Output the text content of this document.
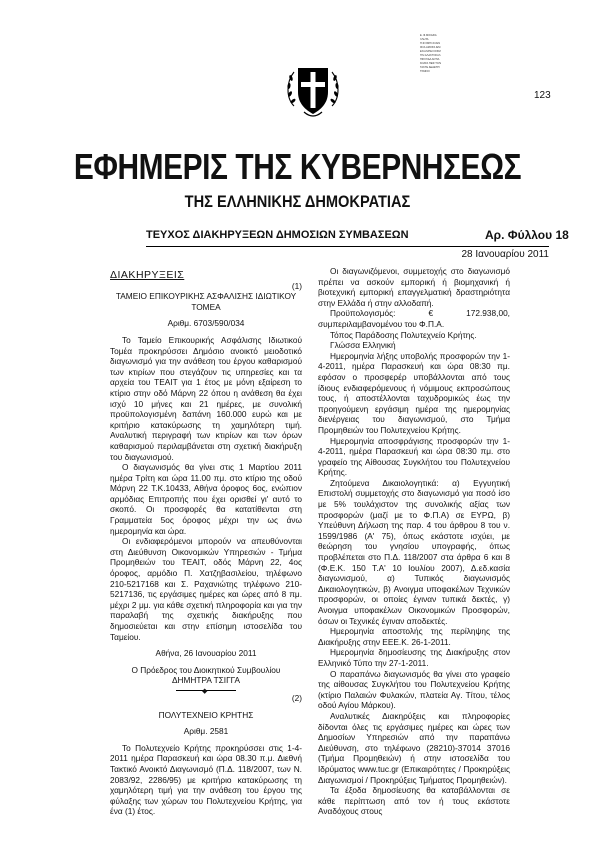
Ε. Φ.ΜΟΙΑΖΙΑ
ΛΛΗΤΑ
Π.Φ ΣΜΠΙ.ΣΛΑΙΝ
ΦΛΑ ΑΜΟΣΣ.ΔΙΜ
ΕΝ ΑΛΙΠΕΙ ΙΟΙΣΜ
ΠΛΙ ΑΛΑΚΤΟΚΑΛ
ΠΦΥΛΙΔΑ ΑΝΤΙΑ
ΚΟΑΤΑ ΠΕΦ ΤΟΛΙ
ΤΑΚΤΕ ΔΕΔΕΤΡΙ
ΤΡΑΦΟΙ
123
ΕΦΗΜΕΡΙΣ ΤΗΣ ΚΥΒΕΡΝΗΣΕΩΣ
ΤΗΣ ΕΛΛΗΝΙΚΗΣ ΔΗΜΟΚΡΑΤΙΑΣ
ΤΕΥΧΟΣ ΔΙΑΚΗΡΥΞΕΩΝ ΔΗΜΟΣΙΩΝ ΣΥΜΒΑΣΕΩΝ	Αρ. Φύλλου 18
28 Ιανουαρίου 2011

ΔΙΑΚΗΡΥΞΕΙΣ

(1)

ΤΑΜΕΙΟ ΕΠΙΚΟΥΡΙΚΗΣ ΑΣΦΑΛΙΣΗΣ ΙΔΙΩΤΙΚΟΥ ΤΟΜΕΑ

Αριθμ. 6703/590/034

Το Ταμείο Επικουρικής Ασφάλισης Ιδιωτικού Τομέα προκηρύσσει Δημόσιο ανοικτό μειοδοτικό διαγωνισμό για την ανάθεση του έργου καθαρισμού των κτιρίων που στεγάζουν τις υπηρεσίες και τα αρχεία του ΤΕΑΙΤ για 1 έτος με μόνη εξαίρεση το κτίριο στην οδό Μάρνη 22 όπου η ανάθεση θα έχει ισχύ 10 μήνες και 21 ημέρες, με συνολική προϋπολογισμένη δαπάνη 160.000 ευρώ και με κριτήριο κατακύρωσης τη χαμηλότερη τιμή. Αναλυτική περιγραφή των κτιρίων και των όρων καθαρισμού περιλαμβάνεται στη σχετική διακήρυξη του διαγωνισμού.

Ο διαγωνισμός θα γίνει στις 1 Μαρτίου 2011 ημέρα Τρίτη και ώρα 11.00 πμ. στο κτίριο της οδού Μάρνη 22 Τ.Κ.10433, Αθήνα όροφος 6ος, ενώπιον αρμόδιας Επιτροπής που έχει ορισθεί γι' αυτό το σκοπό. Οι προσφορές θα κατατίθενται στη Γραμματεία 5ος όροφος μέχρι την ως άνω ημερομηνία και ώρα.

Οι ενδιαφερόμενοι μπορούν να απευθύνονται στη Διεύθυνση Οικονομικών Υπηρεσιών - Τμήμα Προμηθειών του ΤΕΑΙΤ, οδός Μάρνη 22, 4ος όροφος, αρμόδιο Π. Χατζηβασιλείου, τηλέφωνο 210-5217168 και Σ. Ραχανιώτης τηλέφωνο 210-5217136, τις εργάσιμες ημέρες και ώρες από 8 πμ. μέχρι 2 μμ. για κάθε σχετική πληροφορία και για την παραλαβή της σχετικής διακήρυξης που δημοσιεύεται και στην επίσημη ιστοσελίδα του Ταμείου.

Αθήνα, 26 Ιανουαρίου 2011

Ο Πρόεδρος του Διοικητικού Συμβουλίου

ΔΗΜΗΤΡΑ ΤΣΙΓΓΑ

◆

(2)

ΠΟΛΥΤΕΧΝΕΙΟ ΚΡΗΤΗΣ

Αριθμ. 2581

Το Πολυτεχνείο Κρήτης προκηρύσσει στις 1-4-2011 ημέρα Παρασκευή και ώρα 08.30 π.μ. Διεθνή Τακτικό Ανοικτό Διαγωνισμό (Π.Δ. 118/2007, των Ν. 2083/92, 2286/95) με κριτήριο κατακύρωσης τη χαμηλότερη τιμή για την ανάθεση του έργου της φύλαξης των χώρων του Πολυτεχνείου Κρήτης, για ένα (1) έτος.

Οι διαγωνιζόμενοι, συμμετοχής στο διαγωνισμό πρέπει να ασκούν εμπορική ή βιομηχανική ή βιοτεχνική εμπορική επαγγελματική δραστηριότητα στην Ελλάδα ή στην αλλοδαπή.

Προϋπολογισμός: € 172.938,00, συμπεριλαμβανομένου του Φ.Π.Α.

Τόπος Παράδοσης Πολυτεχνείο Κρήτης.

Γλώσσα Ελληνική

Ημερομηνία λήξης υποβολής προσφορών την 1-4-2011, ημέρα Παρασκευή και ώρα 08:30 πμ. εφόσον ο προσφερέρ υποβάλλονται από τους ίδιους ενδιαφερόμενους ή νόμιμους εκπροσώπους τους, ή αποστέλλονται ταχυδρομικώς έως την προηγούμενη εργάσιμη ημέρα της ημερομηνίας διενέργειας του διαγωνισμού, στο Τμήμα Προμηθειών του Πολυτεχνείου Κρήτης.

Ημερομηνία αποσφράγισης προσφορών την 1-4-2011, ημέρα Παρασκευή και ώρα 08:30 πμ. στο γραφείο της Αίθουσας Συγκλήτου του Πολυτεχνείου Κρήτης.

Ζητούμενα Δικαιολογητικά: α) Εγγυητική Επιστολή συμμετοχής στο διαγωνισμό για ποσό ίσο με 5% τουλάχιστον της συνολικής αξίας των προσφορών (μαζί με το Φ.Π.Α) σε ΕΥΡΩ, β) Υπεύθυνη Δήλωση της παρ. 4 του άρθρου 8 του ν. 1599/1986 (Α' 75), όπως εκάστοτε ισχύει, με θεώρηση του γνησίου υπογραφής, όπως προβλέπεται στο Π.Δ. 118/2007 στα άρθρα 6 και 8 (Φ.Ε.Κ. 150 Τ.Α' 10 Ιουλίου 2007), Δ.εδ.κασία διαγωνισμού, α) Τυπικός διαγωνισμός Δικαιολογητικών, β) Ανοιγμα υποφακέλων Τεχνικών προσφορών, οι οποίες έγιναν τυπικά δεκτές, γ) Ανοιγμα υποφακέλων Οικονομικών Προσφορών, όσων οι Τεχνικές έγιναν αποδεκτές.

Ημερομηνία αποστολής της περίληψης της Διακήρυξης στην ΕΕΕ.Κ. 26-1-2011.

Ημερομηνία δημοσίευσης της Διακήρυξης στον Ελληνικό Τύπο την 27-1-2011.

Ο παραπάνω διαγωνισμός θα γίνει στο γραφείο της αίθουσας Συγκλήτου του Πολυτεχνείου Κρήτης (κτίριο Παλαιών Φυλακών, πλατεία Αγ. Τίτου, τέλος οδού Αγίου Μάρκου).

Αναλυτικές Διακηρύξεις και πληροφορίες δίδονται όλες τις εργάσιμες ημέρες και ώρες των Δημοσίων Υπηρεσιών από την παραπάνω Διεύθυνση, στο τηλέφωνο (28210)-37014 37016 (Τμήμα Προμηθειών) ή στην ιστοσελίδα του Ιδρύματος www.tuc.gr (Επικαιρότητες / Προκηρύξεις Διαγωνισμοί / Προκηρύξεις Τμήματος Προμηθειών).

Τα έξοδα δημοσίευσης θα καταβάλλονται σε κάθε περίπτωση από τον ή τους εκάστοτε Αναδόχους στους
